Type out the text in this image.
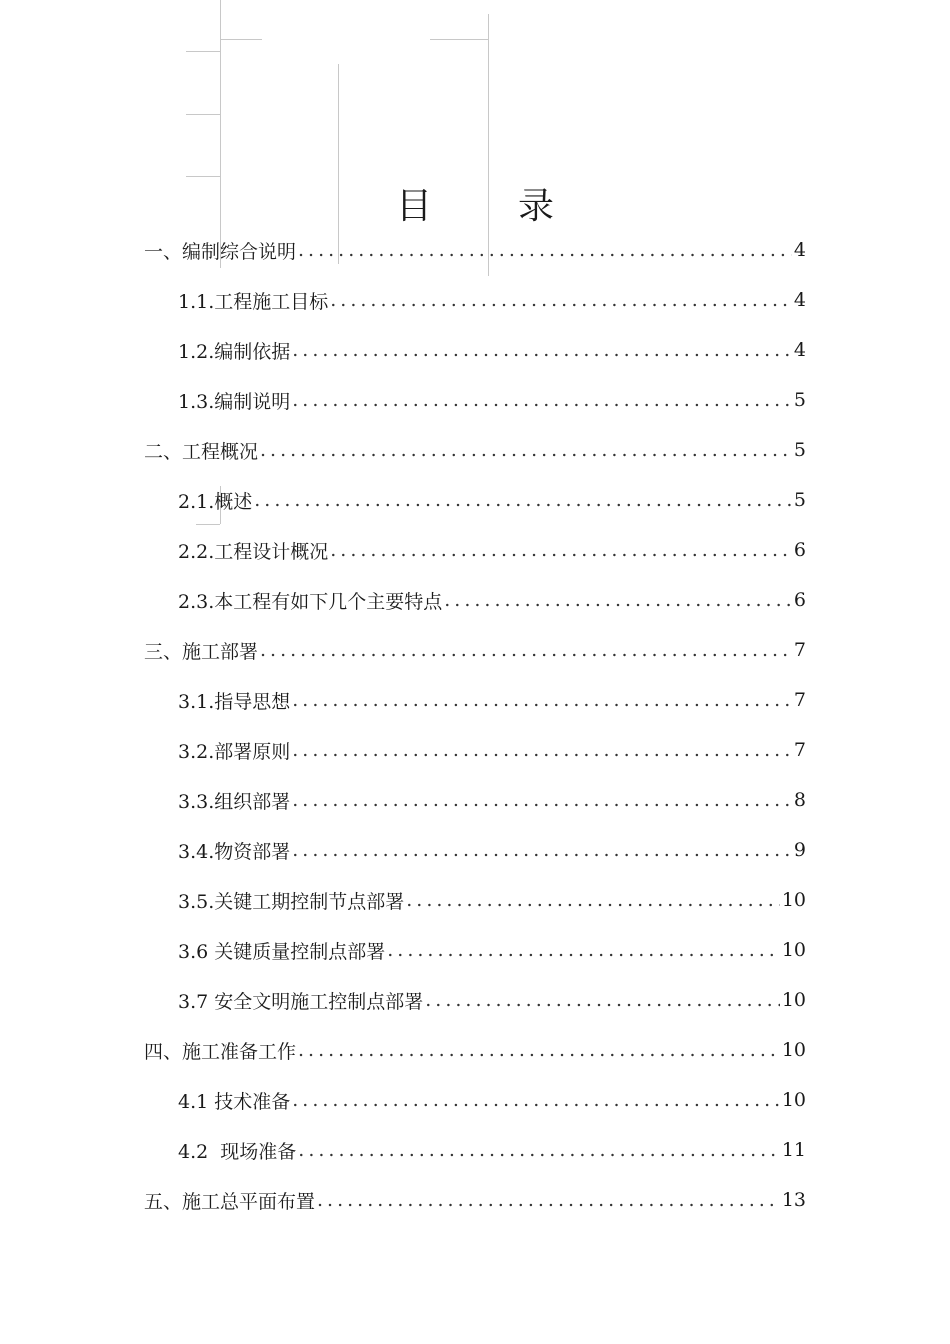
目 录
一、编制综合说明 .....	4
1.1.工程施工目标 .....	4
1.2.编制依据 .....	4
1.3.编制说明 .....	5
二、工程概况 .....	5
2.1.概述 .....	5
2.2.工程设计概况 .....	6
2.3.本工程有如下几个主要特点 .....	6
三、施工部署 .....	7
3.1.指导思想 .....	7
3.2.部署原则 .....	7
3.3.组织部署 .....	8
3.4.物资部署 .....	9
3.5.关键工期控制节点部署 .....	10
3.6 关键质量控制点部署 .....	10
3.7 安全文明施工控制点部署 .....	10
四、施工准备工作 .....	10
4.1 技术准备 .....	10
4.2  现场准备 .....	11
五、施工总平面布置 .....	13
